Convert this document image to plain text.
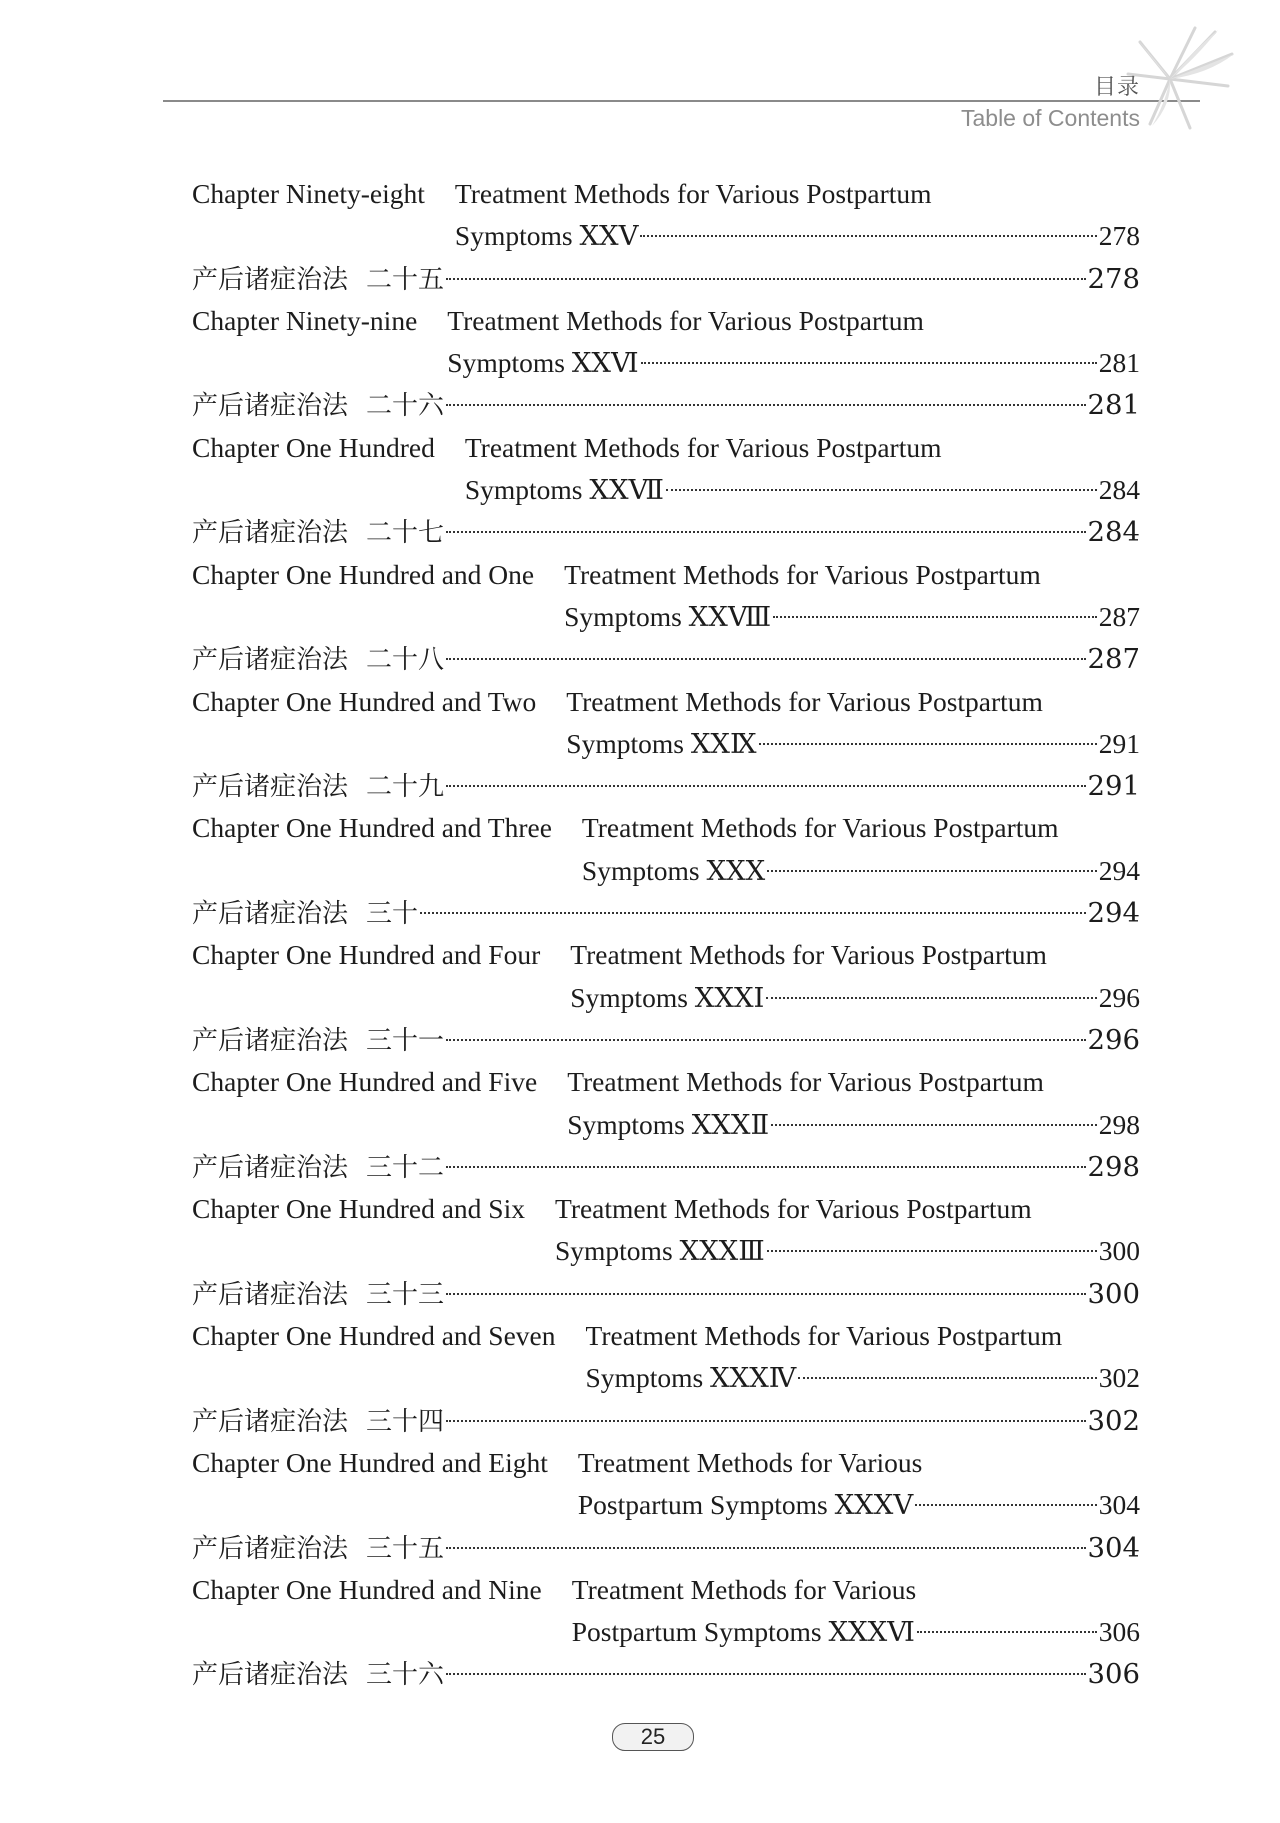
目录
Table of Contents
Chapter Ninety-eight	Treatment Methods for Various Postpartum
Symptoms ⅩⅩⅤ	278
产后诸症治法 二十五	278
Chapter Ninety-nine	Treatment Methods for Various Postpartum
Symptoms ⅩⅩⅥ	281
产后诸症治法 二十六	281
Chapter One Hundred	Treatment Methods for Various Postpartum
Symptoms ⅩⅩⅦ	284
产后诸症治法 二十七	284
Chapter One Hundred and One	Treatment Methods for Various Postpartum
Symptoms ⅩⅩⅧ	287
产后诸症治法 二十八	287
Chapter One Hundred and Two	Treatment Methods for Various Postpartum
Symptoms ⅩⅩⅨ	291
产后诸症治法 二十九	291
Chapter One Hundred and Three	Treatment Methods for Various Postpartum
Symptoms ⅩⅩⅩ	294
产后诸症治法 三十	294
Chapter One Hundred and Four	Treatment Methods for Various Postpartum
Symptoms ⅩⅩⅩⅠ	296
产后诸症治法 三十一	296
Chapter One Hundred and Five	Treatment Methods for Various Postpartum
Symptoms ⅩⅩⅩⅡ	298
产后诸症治法 三十二	298
Chapter One Hundred and Six	Treatment Methods for Various Postpartum
Symptoms ⅩⅩⅩⅢ	300
产后诸症治法 三十三	300
Chapter One Hundred and Seven	Treatment Methods for Various Postpartum
Symptoms ⅩⅩⅩⅣ	302
产后诸症治法 三十四	302
Chapter One Hundred and Eight	Treatment Methods for Various
Postpartum Symptoms ⅩⅩⅩⅤ	304
产后诸症治法 三十五	304
Chapter One Hundred and Nine	Treatment Methods for Various
Postpartum Symptoms ⅩⅩⅩⅥ	306
产后诸症治法 三十六	306
25
